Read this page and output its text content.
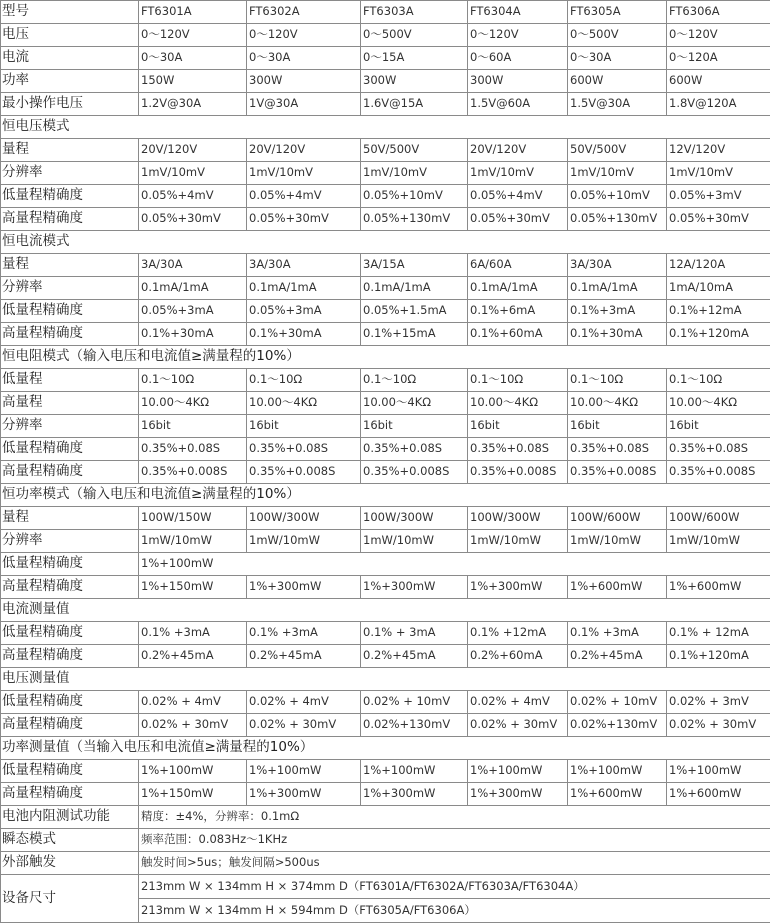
型号	FT6301A	FT6302A	FT6303A	FT6304A	FT6305A	FT6306A
电压	0～120V	0～120V	0～500V	0～120V	0～500V	0～120V
电流	0～30A	0～30A	0～15A	0～60A	0～30A	0～120A
功率	150W	300W	300W	300W	600W	600W
最小操作电压	1.2V@30A	1V@30A	1.6V@15A	1.5V@60A	1.5V@30A	1.8V@120A
恒电压模式						
量程	20V/120V	20V/120V	50V/500V	20V/120V	50V/500V	12V/120V
分辨率	1mV/10mV	1mV/10mV	1mV/10mV	1mV/10mV	1mV/10mV	1mV/10mV
低量程精确度	0.05%+4mV	0.05%+4mV	0.05%+10mV	0.05%+4mV	0.05%+10mV	0.05%+3mV
高量程精确度	0.05%+30mV	0.05%+30mV	0.05%+130mV	0.05%+30mV	0.05%+130mV	0.05%+30mV
恒电流模式						
量程	3A/30A	3A/30A	3A/15A	6A/60A	3A/30A	12A/120A
分辨率	0.1mA/1mA	0.1mA/1mA	0.1mA/1mA	0.1mA/1mA	0.1mA/1mA	1mA/10mA
低量程精确度	0.05%+3mA	0.05%+3mA	0.05%+1.5mA	0.1%+6mA	0.1%+3mA	0.1%+12mA
高量程精确度	0.1%+30mA	0.1%+30mA	0.1%+15mA	0.1%+60mA	0.1%+30mA	0.1%+120mA
恒电阻模式（输入电压和电流值≥满量程的10%）						
低量程	0.1～10Ω	0.1～10Ω	0.1～10Ω	0.1～10Ω	0.1～10Ω	0.1～10Ω
高量程	10.00～4KΩ	10.00～4KΩ	10.00～4KΩ	10.00～4KΩ	10.00～4KΩ	10.00～4KΩ
分辨率	16bit	16bit	16bit	16bit	16bit	16bit
低量程精确度	0.35%+0.08S	0.35%+0.08S	0.35%+0.08S	0.35%+0.08S	0.35%+0.08S	0.35%+0.08S
高量程精确度	0.35%+0.008S	0.35%+0.008S	0.35%+0.008S	0.35%+0.008S	0.35%+0.008S	0.35%+0.008S
恒功率模式（输入电压和电流值≥满量程的10%）						
量程	100W/150W	100W/300W	100W/300W	100W/300W	100W/600W	100W/600W
分辨率	1mW/10mW	1mW/10mW	1mW/10mW	1mW/10mW	1mW/10mW	1mW/10mW
低量程精确度	1%+100mW					
高量程精确度	1%+150mW	1%+300mW	1%+300mW	1%+300mW	1%+600mW	1%+600mW
电流测量值						
低量程精确度	0.1% +3mA	0.1% +3mA	0.1% + 3mA	0.1% +12mA	0.1% +3mA	0.1% + 12mA
高量程精确度	0.2%+45mA	0.2%+45mA	0.2%+45mA	0.2%+60mA	0.2%+45mA	0.1%+120mA
电压测量值						
低量程精确度	0.02% + 4mV	0.02% + 4mV	0.02% + 10mV	0.02% + 4mV	0.02% + 10mV	0.02% + 3mV
高量程精确度	0.02% + 30mV	0.02% + 30mV	0.02%+130mV	0.02% + 30mV	0.02%+130mV	0.02% + 30mV
功率测量值（当输入电压和电流值≥满量程的10%）						
低量程精确度	1%+100mW	1%+100mW	1%+100mW	1%+100mW	1%+100mW	1%+100mW
高量程精确度	1%+150mW	1%+300mW	1%+300mW	1%+300mW	1%+600mW	1%+600mW
电池内阻测试功能	精度：±4%，分辨率：0.1mΩ					
瞬态模式	频率范围：0.083Hz～1KHz					
外部触发	触发时间>5us；触发间隔>500us					
设备尺寸	213mm W × 134mm H × 374mm D（FT6301A/FT6302A/FT6303A/FT6304A）					
	213mm W × 134mm H × 594mm D（FT6305A/FT6306A）					
